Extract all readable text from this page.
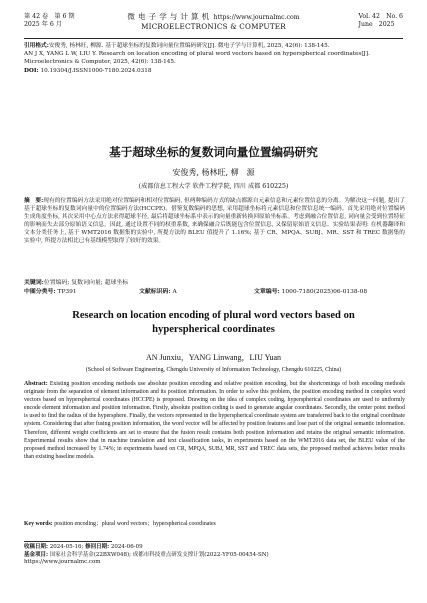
第 42 卷　第 6 期
2025 年 6 月
微 电 子 学 与 计 算 机 https://www.journalmc.com
MICROELECTRONICS & COMPUTER
Vol. 42　No. 6
June　2025
引用格式:安俊秀, 杨林旺, 柳源. 基于超球坐标的复数词向量位置编码研究[J]. 微电子学与计算机, 2025, 42(6): 138-145.
AN J X, YANG L W, LIU Y. Research on location encoding of plural word vectors based on hyperspherical coordinates[J]. Microelectronics & Computer, 2025, 42(6): 138-145.
DOI: 10.19304/J.ISSN1000-7180.2024.0318
基于超球坐标的复数词向量位置编码研究
安俊秀, 杨林旺, 柳　源
(成都信息工程大学 软件工程学院, 四川 成都 610225)
摘　要:现有的位置编码方法采用绝对位置编码和相对位置编码, 但两种编码方式的缺点都源自元素信息和元素位置信息的分离。为解决这一问题, 提出了基于超球坐标的复数词向量中的位置编码方法(HCCPE)。借鉴复数编码的思想, 采用超球坐标将元素信息和位置信息统一编码。首先采用绝对位置编码生成角度坐标, 其次采用中心点方法求得超球半径, 最后将超球坐标系中表示的向量重新转换回原始坐标系。考虑到融合位置信息, 词向量会受到位置特征的影响而失去部分原始语义信息。因此, 通过设置不同的权重系数, 来确保融合后既能包含位置信息, 又保留原始语义信息。实验结果表明: 在机器翻译和文本分类任务上, 基于 WMT2016 数据集的实验中, 所提方法的 BLEU 值提升了 1.16%; 基于 CR、MPQA、SUBJ、MR、SST 和 TREC 数据集的实验中, 所提方法相比已有基线模型取得了较好的效果。
关键词:位置编码; 复数词向量; 超球坐标
中图分类号: TP391	文献标识码: A	文章编号: 1000-7180(2025)06-0138-08
Research on location encoding of plural word vectors based on hyperspherical coordinates
AN Junxiu，YANG Linwang，LIU Yuan
(School of Software Engineering, Chengdu University of Information Technology, Chengdu 610225, China)
Abstract: Existing position encoding methods use absolute position encoding and relative position encoding, but the shortcomings of both encoding methods originate from the separation of element information and its position information. In order to solve this problem, the position encoding method in complex word vectors based on hyperspherical coordinates (HCCPE) is proposed. Drawing on the idea of complex coding, hyperspherical coordinates are used to uniformly encode element information and position information. Firstly, absolute position coding is used to generate angular coordinates. Secondly, the center point method is used to find the radius of the hypersphere. Finally, the vectors represented in the hyperspherical coordinate system are transferred back to the original coordinate system. Considering that after fusing position information, the word vector will be affected by position features and lose part of the original semantic information. Therefore, different weight coefficients are set to ensure that the fusion result contains both position information and retains the original semantic information. Experimental results show that in machine translation and text classification tasks, in experiments based on the WMT2016 data set, the BLEU value of the proposed method increased by 1.74%; in experiments based on CR, MPQA, SUBJ, MR, SST and TREC data sets, the proposed method achieves better results than existing baseline models.
Key words: position encoding；plural word vectors；hyperspherical coordinates
收稿日期: 2024-05-16; 修回日期: 2024-06-09
基金项目: 国家社会科学基金(22BXW048); 成都市科技重点研发支撑计划(2022-YF05-00454-SN)
https://www.journalmc.com
